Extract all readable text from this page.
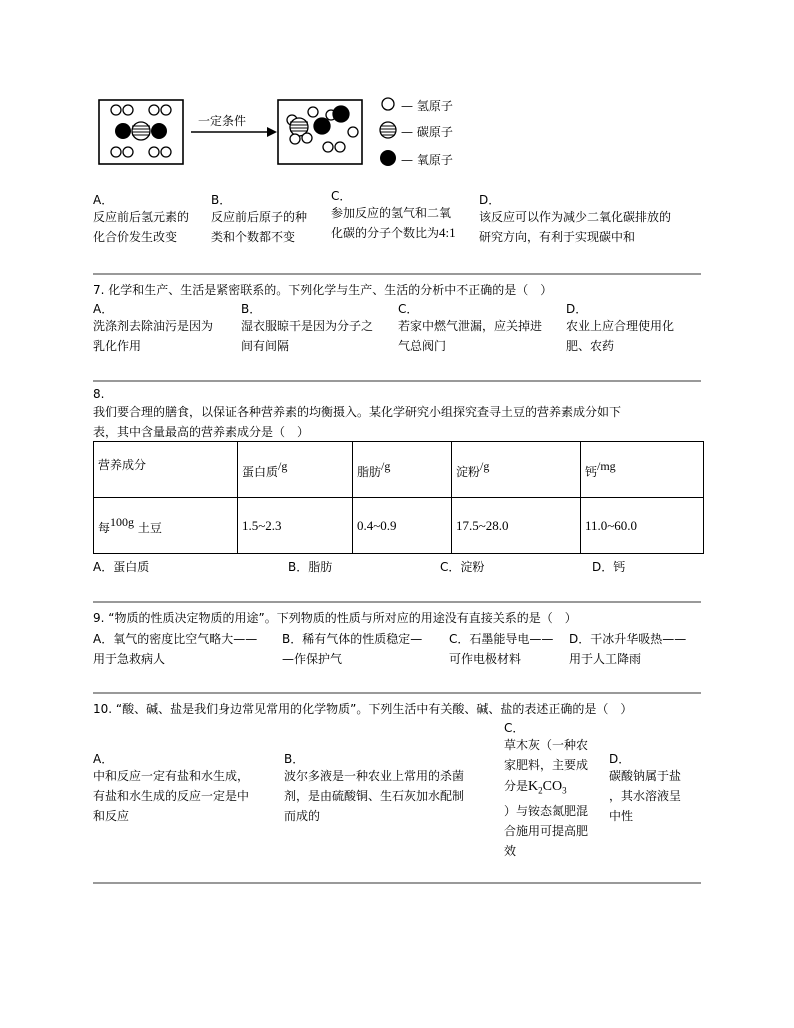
一定条件
— 氢原子
— 碳原子
— 氧原子
A．
反应前后氢元素的
化合价发生改变
B．
反应前后原子的种
类和个数都不变
C．
参加反应的氢气和二氧
化碳的分子个数比为4:1
D．
该反应可以作为减少二氧化碳排放的
研究方向，有利于实现碳中和
7. 化学和生产、生活是紧密联系的。下列化学与生产、生活的分析中不正确的是（　）
A．
洗涤剂去除油污是因为
乳化作用
B．
湿衣服晾干是因为分子之
间有间隔
C．
若家中燃气泄漏，应关掉进
气总阀门
D．
农业上应合理使用化
肥、农药
8.
我们要合理的膳食，以保证各种营养素的均衡摄入。某化学研究小组探究查寻土豆的营养素成分如下
表，其中含量最高的营养素成分是（　）
营养成分	蛋白质$^{/g}$	脂肪$^{/g}$	淀粉$^{/g}$	钙$^{/mg}$
每$^{100g}$ 土豆	1.5~2.3	0.4~0.9	17.5~28.0	11.0~60.0
A．蛋白质	B．脂肪	C．淀粉	D．钙
9. “物质的性质决定物质的用途”。下列物质的性质与所对应的用途没有直接关系的是（　）
A．氧气的密度比空气略大——
用于急救病人
B．稀有气体的性质稳定—
—作保护气
C．石墨能导电——
可作电极材料
D．干冰升华吸热——
用于人工降雨
10. “酸、碱、盐是我们身边常见常用的化学物质”。下列生活中有关酸、碱、盐的表述正确的是（　）
A．
中和反应一定有盐和水生成，
有盐和水生成的反应一定是中
和反应
B．
波尔多液是一种农业上常用的杀菌
剂，是由硫酸铜、生石灰加水配制
而成的
C．
草木灰（一种农
家肥料，主要成
分是$K_2CO_3$
）与铵态氮肥混
合施用可提高肥
效
D．
碳酸钠属于盐
，其水溶液呈
中性
